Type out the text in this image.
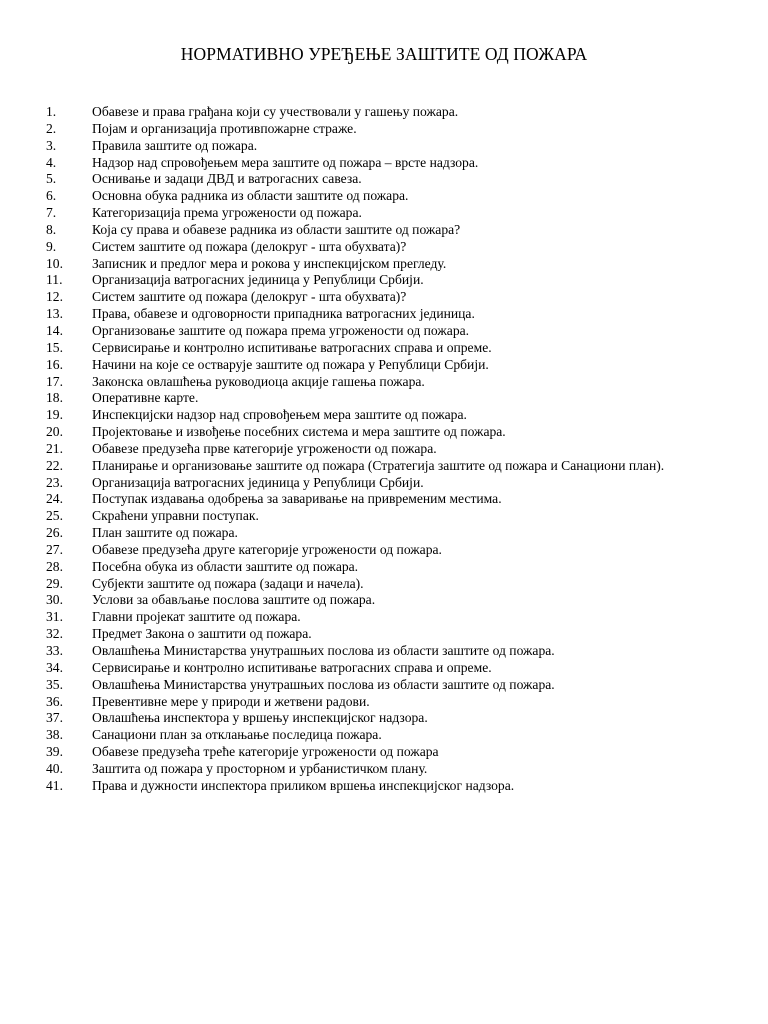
НОРМАТИВНО УРЕЂЕЊЕ ЗАШТИТЕ ОД ПОЖАРА
1.	Обавезе и права грађана који су учествовали у гашењу пожара.
2.	Појам и организација противпожарне страже.
3.	Правила заштите од пожара.
4.	Надзор над спровођењем мера заштите од пожара – врсте надзора.
5.	Оснивање и задаци ДВД и ватрогасних савеза.
6.	Основна обука радника из области заштите од пожара.
7.	Категоризација према угрожености од пожара.
8.	Која су права и обавезе радника из области заштите од пожара?
9.	Систем заштите од пожара (делокруг - шта обухвата)?
10. Записник и предлог мера и рокова у инспекцијском прегледу.
11. Организација ватрогасних јединица у Републици Србији.
12. Систем заштите од пожара (делокруг - шта обухвата)?
13. Права, обавезе и одговорности припадника ватрогасних јединица.
14. Организовање заштите од пожара према угрожености од пожара.
15. Сервисирање и контролно испитивање ватрогасних справа и опреме.
16. Начини на које се остварује заштите од пожара у Републици Србији.
17. Законска овлашћења руководиоца акције гашења пожара.
18. Оперативне карте.
19. Инспекцијски надзор над спровођењем мера заштите од пожара.
20. Пројектовање и извођење посебних система и мера заштите од пожара.
21. Обавезе предузећа прве категорије угрожености од пожара.
22. Планирање и организовање заштите од пожара (Стратегија заштите од пожара и Санациони план).
23. Организација ватрогасних јединица у Републици Србији.
24. Поступак издавања одобрења за заваривање на привременим местима.
25. Скраћени управни поступак.
26. План заштите од пожара.
27. Обавезе предузећа друге категорије угрожености од пожара.
28. Посебна обука из области заштите од пожара.
29. Субјекти заштите од пожара (задаци и начела).
30. Услови за обављање послова заштите од пожара.
31. Главни пројекат заштите од пожара.
32. Предмет Закона о заштити од пожара.
33. Овлашћења Министарства унутрашњих послова из области заштите од пожара.
34. Сервисирање и контролно испитивање ватрогасних справа и опреме.
35. Овлашћења Министарства унутрашњих послова из области заштите од пожара.
36. Превентивне мере у природи и жетвени радови.
37. Овлашћења инспектора у вршењу инспекцијског надзора.
38. Санациони план за отклањање последица пожара.
39. Обавезе предузећа треће категорије угрожености од пожара
40. Заштита од пожара у просторном и урбанистичком плану.
41. Права и дужности инспектора приликом вршења инспекцијског надзора.
